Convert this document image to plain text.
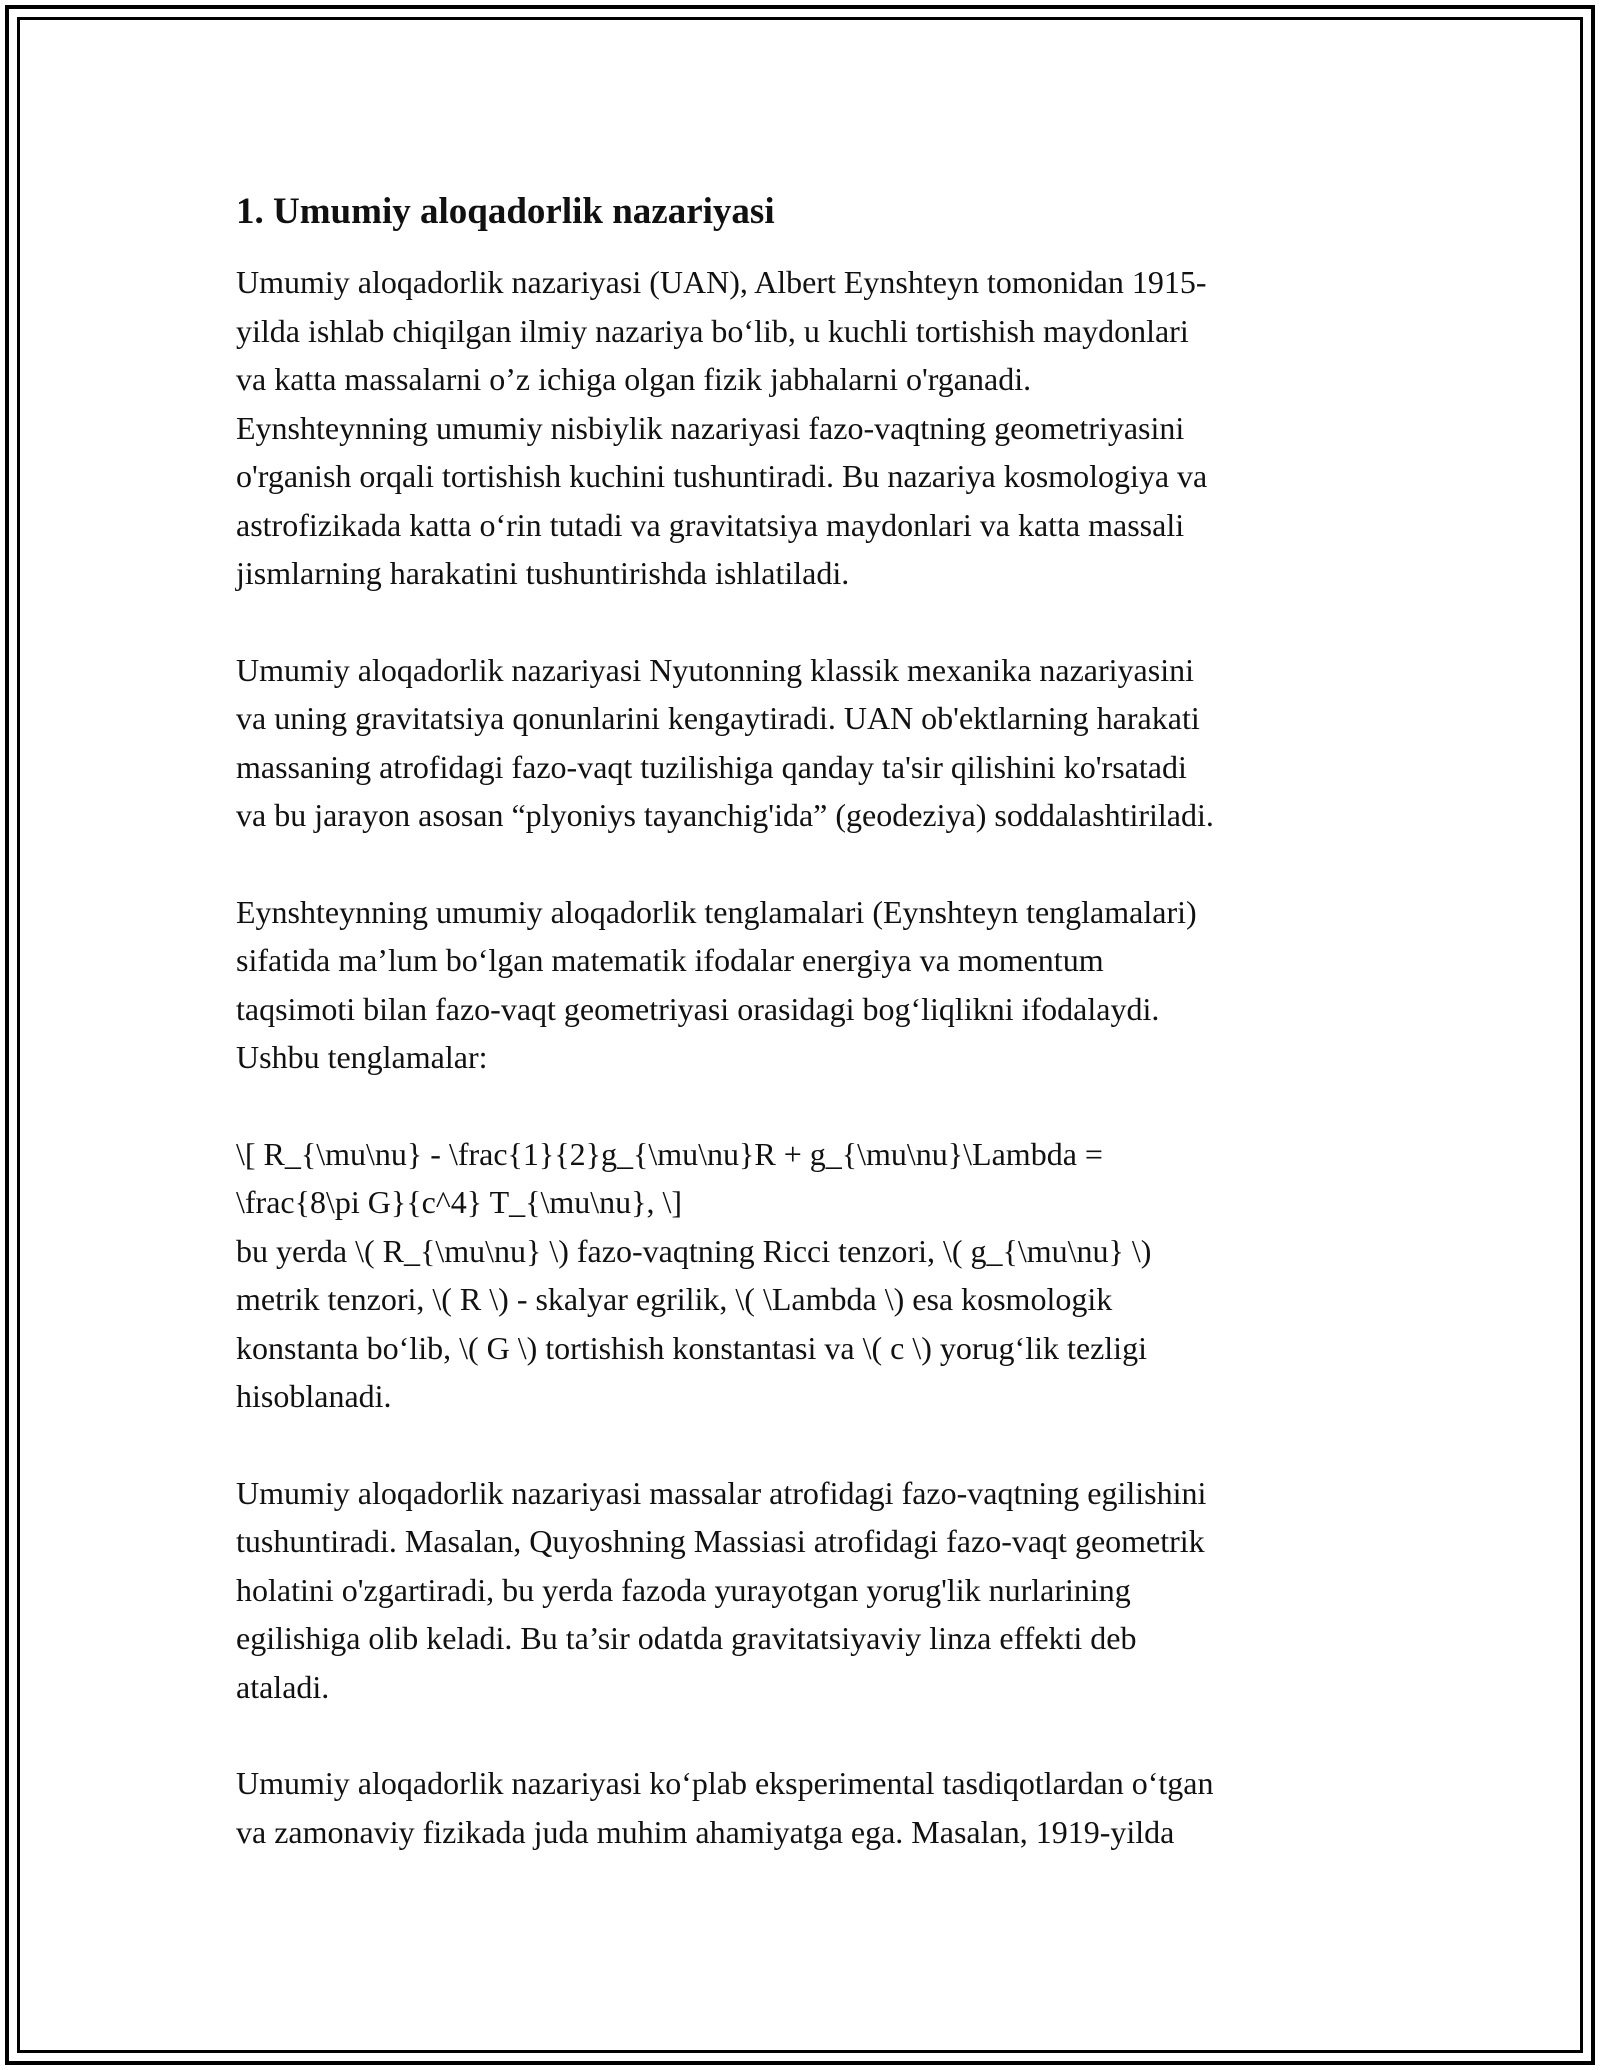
1. Umumiy aloqadorlik nazariyasi

Umumiy aloqadorlik nazariyasi (UAN), Albert Eynshteyn tomonidan 1915-
yilda ishlab chiqilgan ilmiy nazariya bo‘lib, u kuchli tortishish maydonlari
va katta massalarni o’z ichiga olgan fizik jabhalarni o'rganadi.
Eynshteynning umumiy nisbiylik nazariyasi fazo-vaqtning geometriyasini
o'rganish orqali tortishish kuchini tushuntiradi. Bu nazariya kosmologiya va
astrofizikada katta o‘rin tutadi va gravitatsiya maydonlari va katta massali
jismlarning harakatini tushuntirishda ishlatiladi.

Umumiy aloqadorlik nazariyasi Nyutonning klassik mexanika nazariyasini
va uning gravitatsiya qonunlarini kengaytiradi. UAN ob'ektlarning harakati
massaning atrofidagi fazo-vaqt tuzilishiga qanday ta'sir qilishini ko'rsatadi
va bu jarayon asosan “plyoniys tayanchig'ida” (geodeziya) soddalashtiriladi.

Eynshteynning umumiy aloqadorlik tenglamalari (Eynshteyn tenglamalari)
sifatida ma’lum bo‘lgan matematik ifodalar energiya va momentum
taqsimoti bilan fazo-vaqt geometriyasi orasidagi bog‘liqlikni ifodalaydi.
Ushbu tenglamalar:

\[ R_{\mu\nu} - \frac{1}{2}g_{\mu\nu}R + g_{\mu\nu}\Lambda =
\frac{8\pi G}{c^4} T_{\mu\nu}, \]
bu yerda \( R_{\mu\nu} \) fazo-vaqtning Ricci tenzori, \( g_{\mu\nu} \)
metrik tenzori, \( R \) - skalyar egrilik, \( \Lambda \) esa kosmologik
konstanta bo‘lib, \( G \) tortishish konstantasi va \( c \) yorug‘lik tezligi
hisoblanadi.

Umumiy aloqadorlik nazariyasi massalar atrofidagi fazo-vaqtning egilishini
tushuntiradi. Masalan, Quyoshning Massiasi atrofidagi fazo-vaqt geometrik
holatini o'zgartiradi, bu yerda fazoda yurayotgan yorug'lik nurlarining
egilishiga olib keladi. Bu ta’sir odatda gravitatsiyaviy linza effekti deb
ataladi.

Umumiy aloqadorlik nazariyasi ko‘plab eksperimental tasdiqotlardan o‘tgan
va zamonaviy fizikada juda muhim ahamiyatga ega. Masalan, 1919-yilda
